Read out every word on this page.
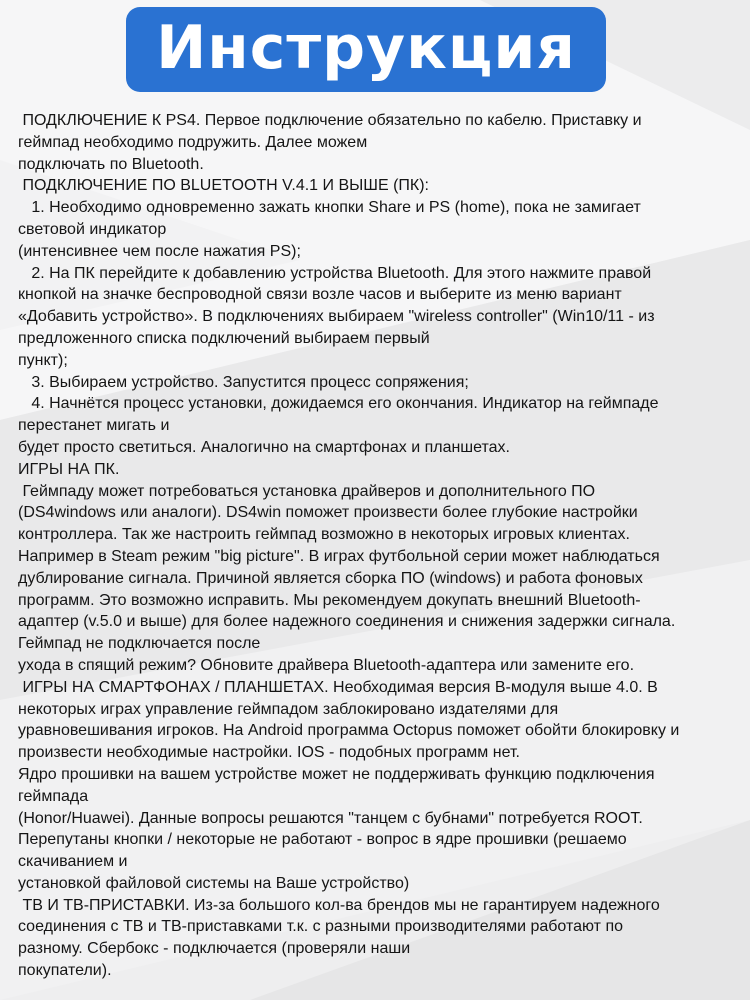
Инструкция
ПОДКЛЮЧЕНИЕ К PS4. Первое подключение обязательно по кабелю. Приставку и
геймпад необходимо подружить. Далее можем
подключать по Bluetooth.
ПОДКЛЮЧЕНИЕ ПО BLUETOOTH V.4.1 И ВЫШЕ (ПК):
1. Необходимо одновременно зажать кнопки Share и PS (home), пока не замигает
световой индикатор
(интенсивнее чем после нажатия PS);
2. На ПК перейдите к добавлению устройства Bluetooth. Для этого нажмите правой
кнопкой на значке беспроводной связи возле часов и выберите из меню вариант
«Добавить устройство». В подключениях выбираем "wireless controller" (Win10/11 - из
предложенного списка подключений выбираем первый
пункт);
3. Выбираем устройство. Запустится процесс сопряжения;
4. Начнётся процесс установки, дожидаемся его окончания. Индикатор на геймпаде
перестанет мигать и
будет просто светиться. Аналогично на смартфонах и планшетах.
ИГРЫ НА ПК.
Геймпаду может потребоваться установка драйверов и дополнительного ПО
(DS4windows или аналоги). DS4win поможет произвести более глубокие настройки
контроллера. Так же настроить геймпад возможно в некоторых игровых клиентах.
Например в Steam режим "big picture". В играх футбольной серии может наблюдаться
дублирование сигнала. Причиной является сборка ПО (windows) и работа фоновых
программ. Это возможно исправить. Мы рекомендуем докупать внешний Bluetooth-
адаптер (v.5.0 и выше) для более надежного соединения и снижения задержки сигнала.
Геймпад не подключается после
ухода в спящий режим? Обновите драйвера Bluetooth-адаптера или замените его.
ИГРЫ НА СМАРТФОНАХ / ПЛАНШЕТАХ. Необходимая версия B-модуля выше 4.0. В
некоторых играх управление геймпадом заблокировано издателями для
уравновешивания игроков. На Android программа Octopus поможет обойти блокировку и
произвести необходимые настройки. IOS - подобных программ нет.
Ядро прошивки на вашем устройстве может не поддерживать функцию подключения
геймпада
(Honor/Huawei). Данные вопросы решаются "танцем с бубнами" потребуется ROOT.
Перепутаны кнопки / некоторые не работают - вопрос в ядре прошивки (решаемо
скачиванием и
установкой файловой системы на Ваше устройство)
ТВ И ТВ-ПРИСТАВКИ. Из-за большого кол-ва брендов мы не гарантируем надежного
соединения с ТВ и ТВ-приставками т.к. с разными производителями работают по
разному. Сбербокс - подключается (проверяли наши
покупатели).
